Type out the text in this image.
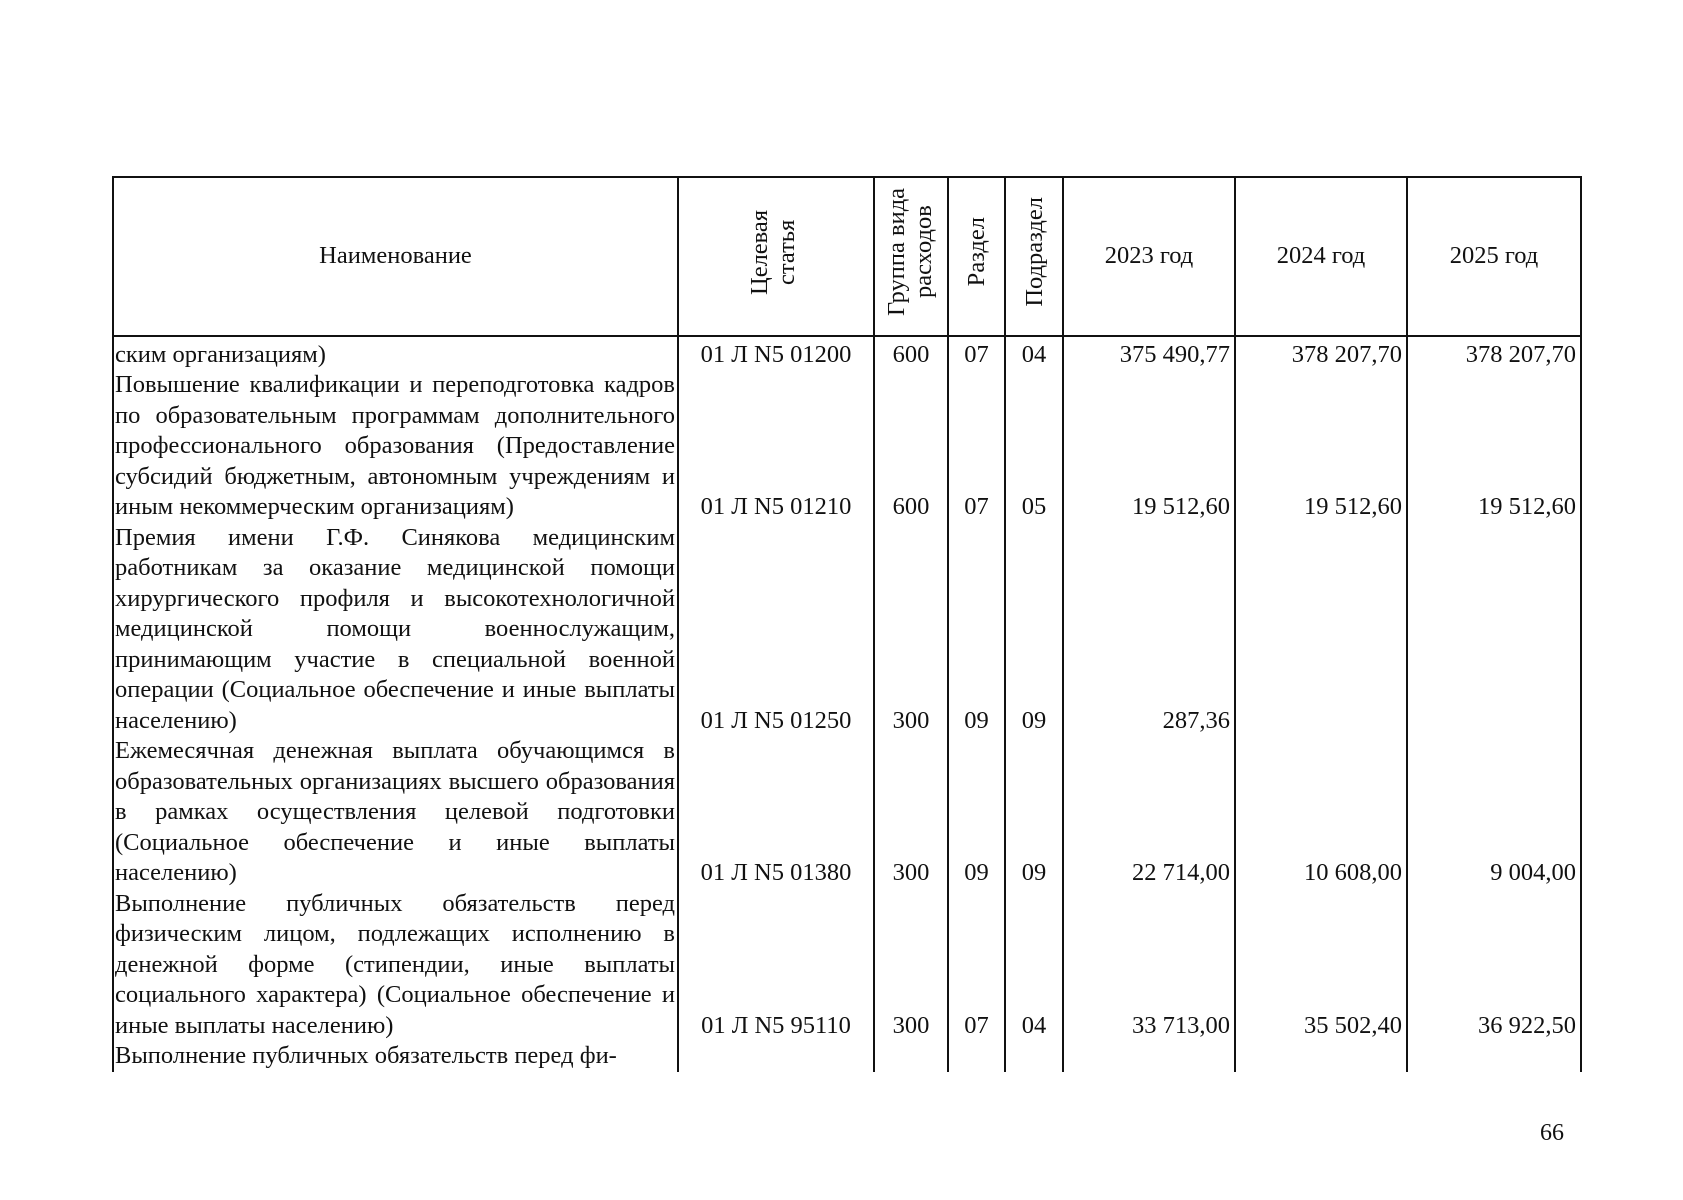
Наименование	Целевая статья	Группа вида расходов	Раздел	Подраздел	2023 год	2024 год	2025 год
ским организациям)	01 Л N5 01200	600	07	04	375 490,77	378 207,70	378 207,70
Повышение квалификации и переподготовка кадров по образовательным программам дополнительного профессионального образования (Предоставление субсидий бюджетным, автономным учреждениям и иным некоммерческим организациям)	01 Л N5 01210	600	07	05	19 512,60	19 512,60	19 512,60
Премия имени Г.Ф. Синякова медицинским работникам за оказание медицинской помощи хирургического профиля и высокотехнологичной медицинской помощи военнослужащим, принимающим участие в специальной военной операции (Социальное обеспечение и иные выплаты населению)	01 Л N5 01250	300	09	09	287,36		
Ежемесячная денежная выплата обучающимся в образовательных организациях высшего образования в рамках осуществления целевой подготовки (Социальное обеспечение и иные выплаты населению)	01 Л N5 01380	300	09	09	22 714,00	10 608,00	9 004,00
Выполнение публичных обязательств перед физическим лицом, подлежащих исполнению в денежной форме (стипендии, иные выплаты социального характера) (Социальное обеспечение и иные выплаты населению)	01 Л N5 95110	300	07	04	33 713,00	35 502,40	36 922,50
Выполнение публичных обязательств перед фи-							
66
